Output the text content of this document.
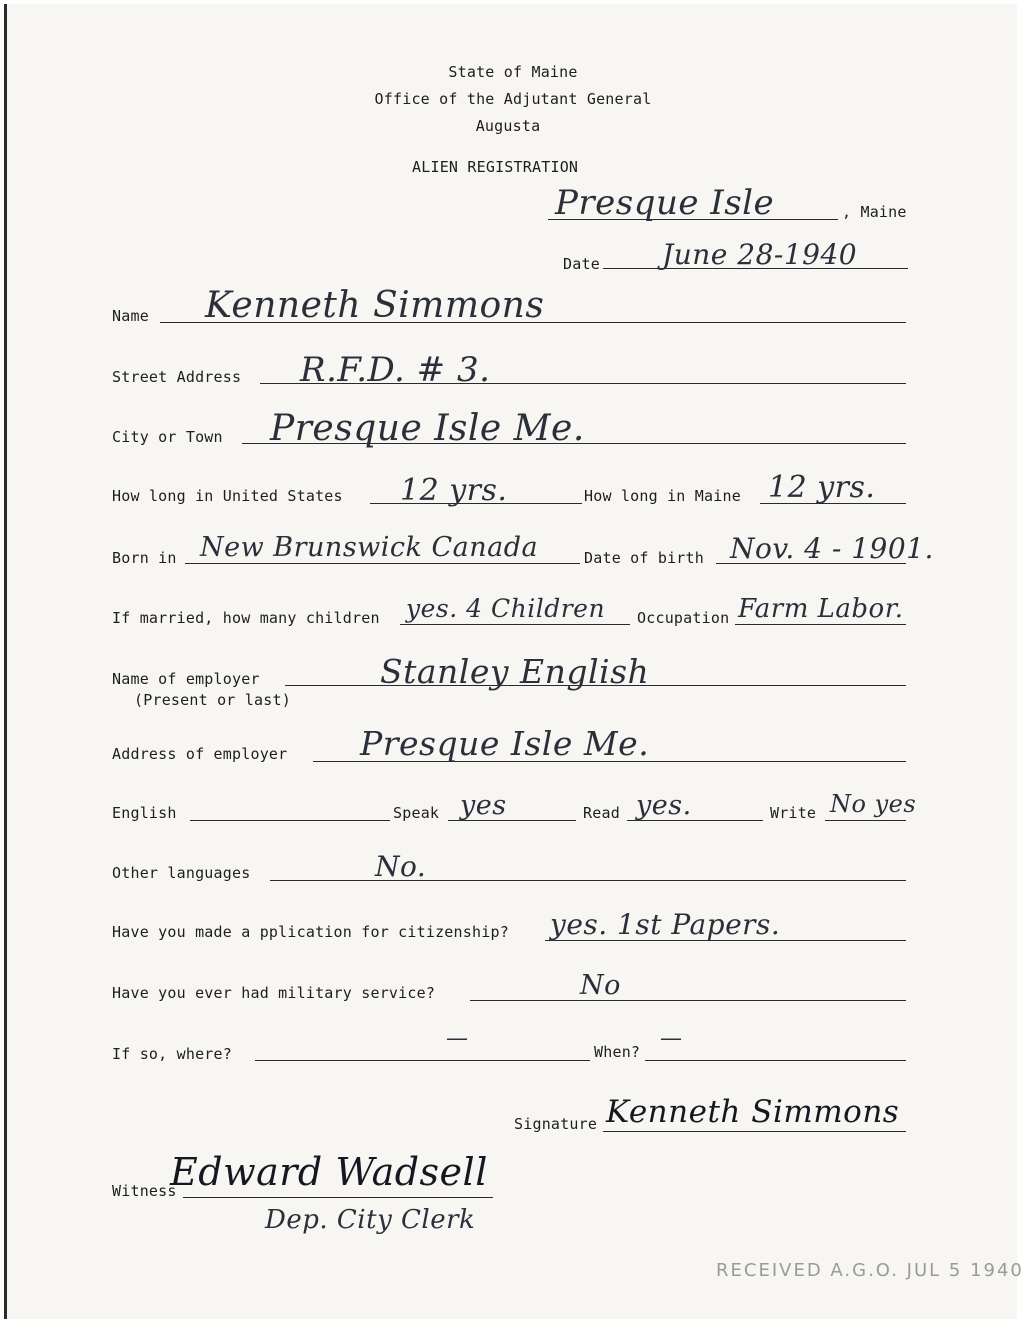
State of Maine
Office of the Adjutant General
Augusta
ALIEN REGISTRATION
Presque Isle	, Maine
Date June 28-1940
Name Kenneth Simmons
Street Address R.F.D. # 3.
City or Town Presque Isle Me.
How long in United States 12 yrs.	How long in Maine 12 yrs.
Born in New Brunswick Canada	Date of birth Nov. 4 - 1901.
If married, how many children yes. 4 Children Occupation Farm Labor.
Name of employer
(Present or last)
Stanley English
Address of employer Presque Isle Me.
English	Speak yes	Read yes.	Write No yes
Other languages	No.
Have you made a pplication for citizenship? yes. 1st Papers.
Have you ever had military service?	No
If so, where?
—
When?
—
Signature Kenneth Simmons
Witness
Edward Wadsell
Dep. City Clerk
RECEIVED A.G.O. JUL 5 1940
